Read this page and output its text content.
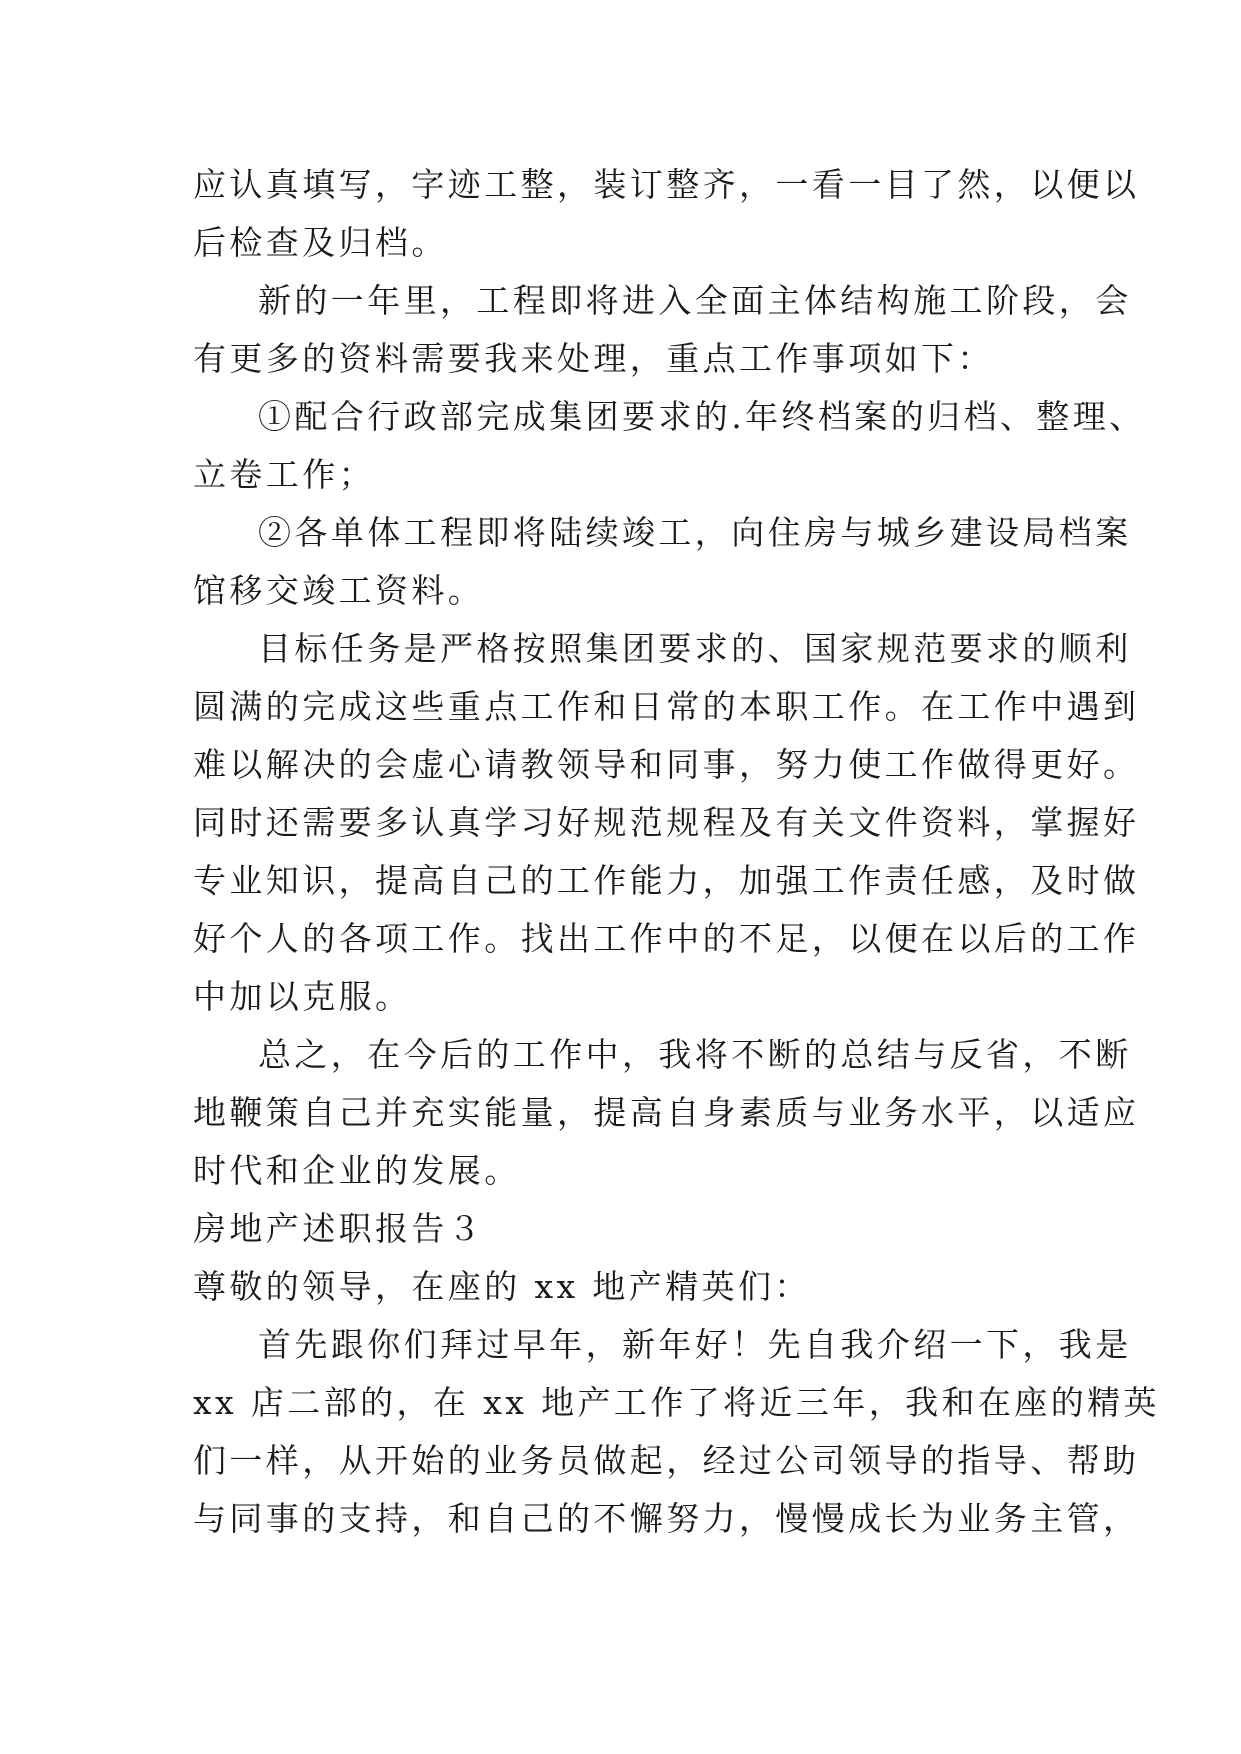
应认真填写，字迹工整，装订整齐，一看一目了然，以便以
后检查及归档。
新的一年里，工程即将进入全面主体结构施工阶段，会
有更多的资料需要我来处理，重点工作事项如下：
①配合行政部完成集团要求的.年终档案的归档、整理、
立卷工作；
②各单体工程即将陆续竣工，向住房与城乡建设局档案
馆移交竣工资料。
目标任务是严格按照集团要求的、国家规范要求的顺利
圆满的完成这些重点工作和日常的本职工作。在工作中遇到
难以解决的会虚心请教领导和同事，努力使工作做得更好。
同时还需要多认真学习好规范规程及有关文件资料，掌握好
专业知识，提高自己的工作能力，加强工作责任感，及时做
好个人的各项工作。找出工作中的不足，以便在以后的工作
中加以克服。
总之，在今后的工作中，我将不断的总结与反省，不断
地鞭策自己并充实能量，提高自身素质与业务水平，以适应
时代和企业的发展。
房地产述职报告３
尊敬的领导，在座的 xx 地产精英们：
首先跟你们拜过早年，新年好！先自我介绍一下，我是
xx 店二部的，在 xx 地产工作了将近三年，我和在座的精英
们一样，从开始的业务员做起，经过公司领导的指导、帮助
与同事的支持，和自己的不懈努力，慢慢成长为业务主管，
